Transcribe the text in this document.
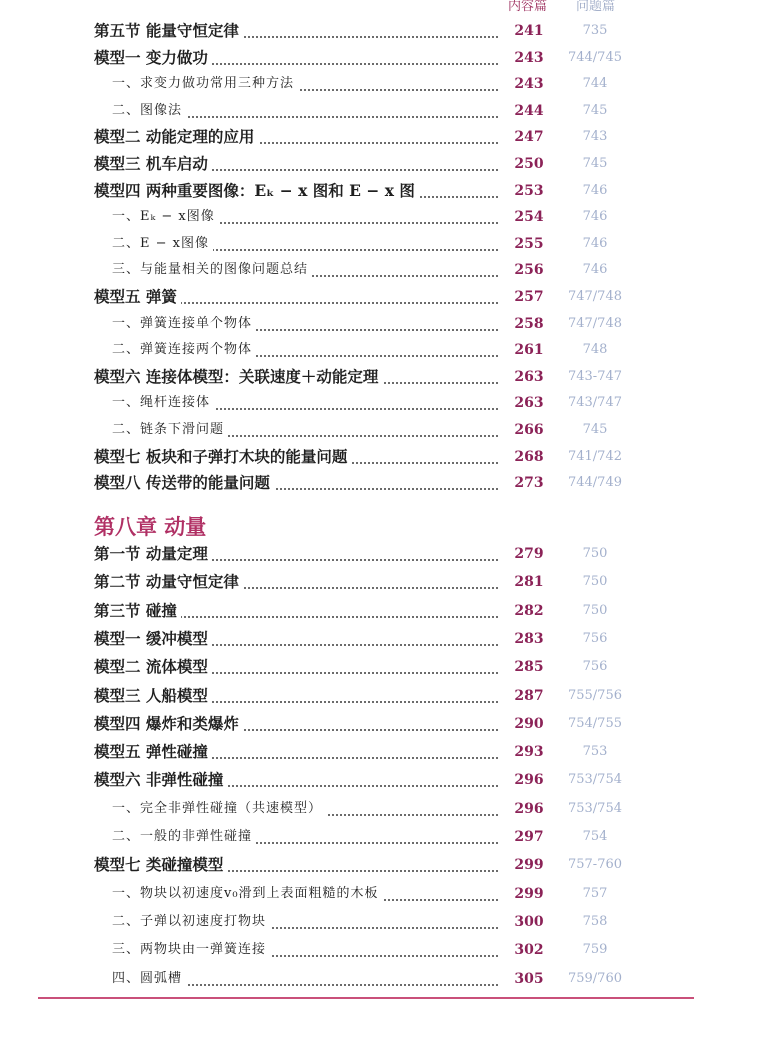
内容篇 问题篇
第五节 能量守恒定律	241	735
模型一 变力做功	243	744/745
一、求变力做功常用三种方法	243	744
二、图像法	244	745
模型二 动能定理的应用	247	743
模型三 机车启动	250	745
模型四 两种重要图像：Eₖ − x 图和 E − x 图	253	746
一、Eₖ − x图像	254	746
二、E − x图像	255	746
三、与能量相关的图像问题总结	256	746
模型五 弹簧	257	747/748
一、弹簧连接单个物体	258	747/748
二、弹簧连接两个物体	261	748
模型六 连接体模型：关联速度＋动能定理	263	743-747
一、绳杆连接体	263	743/747
二、链条下滑问题	266	745
模型七 板块和子弹打木块的能量问题	268	741/742
模型八 传送带的能量问题	273	744/749
第八章 动量
第一节 动量定理	279	750
第二节 动量守恒定律	281	750
第三节 碰撞	282	750
模型一 缓冲模型	283	756
模型二 流体模型	285	756
模型三 人船模型	287	755/756
模型四 爆炸和类爆炸	290	754/755
模型五 弹性碰撞	293	753
模型六 非弹性碰撞	296	753/754
一、完全非弹性碰撞（共速模型）	296	753/754
二、一般的非弹性碰撞	297	754
模型七 类碰撞模型	299	757-760
一、物块以初速度v₀滑到上表面粗糙的木板	299	757
二、子弹以初速度打物块	300	758
三、两物块由一弹簧连接	302	759
四、圆弧槽	305	759/760
